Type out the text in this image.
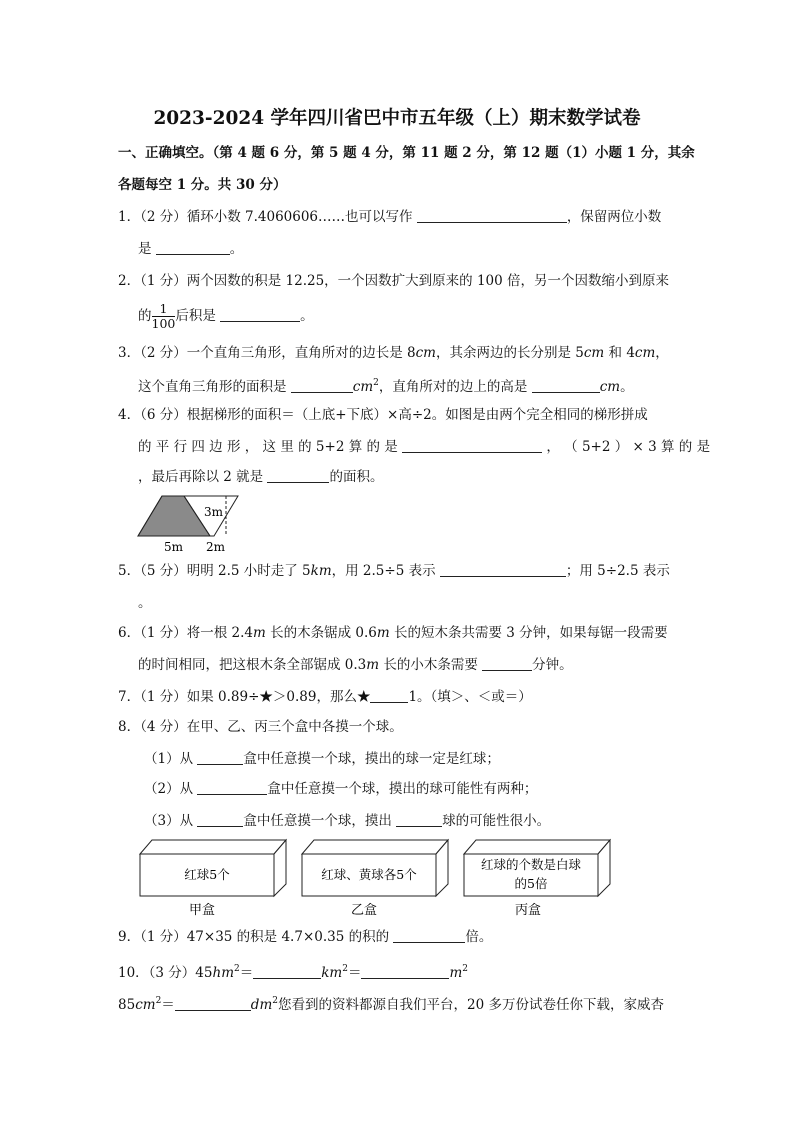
2023-2024 学年四川省巴中市五年级（上）期末数学试卷
一、正确填空。（第 4 题 6 分，第 5 题 4 分，第 11 题 2 分，第 12 题（1）小题 1 分，其余
各题每空 1 分。共 30 分）
1．（2 分）循环小数 7.4060606……也可以写作	，保留两位小数
是	。
2．（1 分）两个因数的积是 12.25，一个因数扩大到原来的 100 倍，另一个因数缩小到原来
的 $\frac{1}{100}$ 后积是	。
3．（2 分）一个直角三角形，直角所对的边长是 8cm，其余两边的长分别是 5cm 和 4cm，
这个直角三角形的面积是	$cm^2$，直角所对的边上的高是	cm。
4．（6 分）根据梯形的面积＝（上底+下底）×高÷2。如图是由两个完全相同的梯形拼成
的 平 行 四 边 形 ， 这 里 的 5+2 算 的 是	， （ 5+2 ） × 3 算 的 是
，最后再除以 2 就是	的面积。
3m
5m 2m
5．（5 分）明明 2.5 小时走了 5km，用 2.5÷5 表示	；用 5÷2.5 表示
。
6．（1 分）将一根 2.4m 长的木条锯成 0.6m 长的短木条共需要 3 分钟，如果每锯一段需要
的时间相同，把这根木条全部锯成 0.3m 长的小木条需要	分钟。
7．（1 分）如果 0.89÷★＞0.89，那么★	1。（填＞、＜或＝）
8．（4 分）在甲、乙、丙三个盒中各摸一个球。
（1）从	盒中任意摸一个球，摸出的球一定是红球；
（2）从	盒中任意摸一个球，摸出的球可能性有两种；
（3）从	盒中任意摸一个球，摸出	球的可能性很小。
红球5个
甲盒
红球、黄球各5个
乙盒
红球的个数是白球
的5倍
丙盒
9．（1 分）47×35 的积是 4.7×0.35 的积的	倍。
10．（3 分）$45hm^2=$	$km^2=$	$m^2$
$85cm^2=$	$dm^2$您看到的资料都源自我们平台，20 多万份试卷任你下载，家威杏
